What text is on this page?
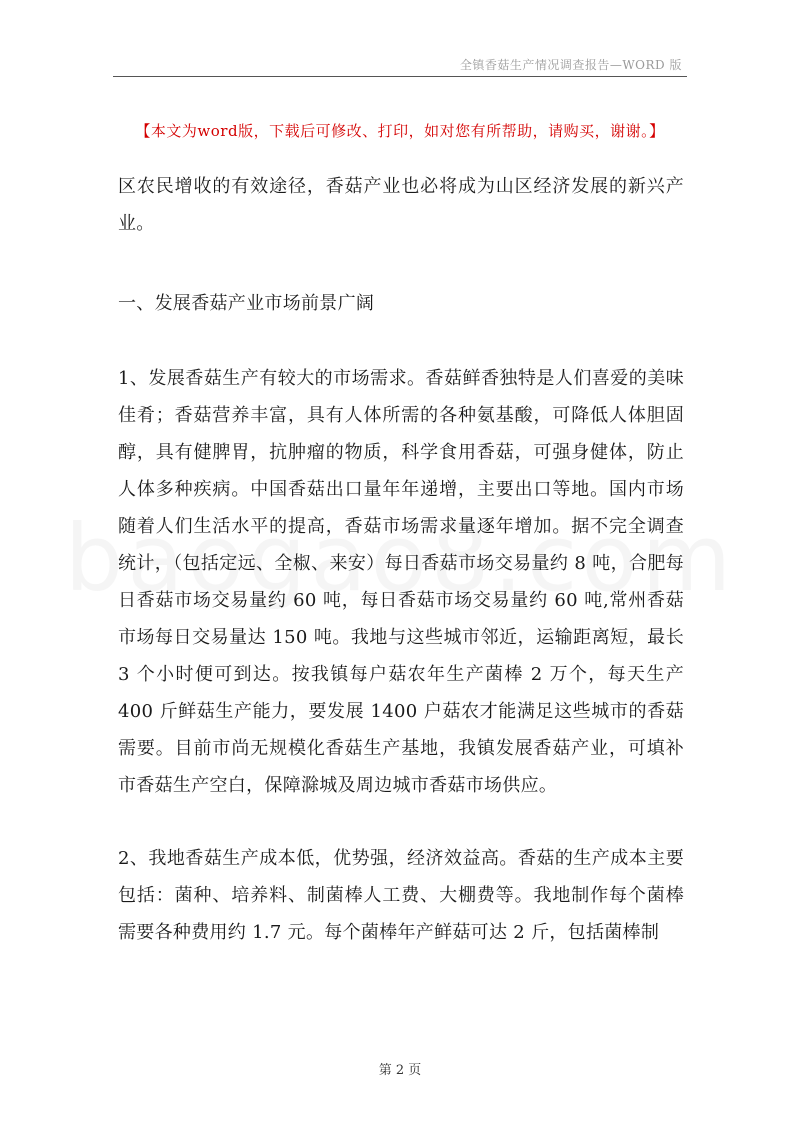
全镇香菇生产情况调查报告—WORD 版
【本文为word版，下载后可修改、打印，如对您有所帮助，请购买，谢谢。】

区农民增收的有效途径，香菇产业也必将成为山区经济发展的新兴产业。

一、发展香菇产业市场前景广阔

1、发展香菇生产有较大的市场需求。香菇鲜香独特是人们喜爱的美味佳肴；香菇营养丰富，具有人体所需的各种氨基酸，可降低人体胆固醇，具有健脾胃，抗肿瘤的物质，科学食用香菇，可强身健体，防止人体多种疾病。中国香菇出口量年年递增，主要出口等地。国内市场随着人们生活水平的提高，香菇市场需求量逐年增加。据不完全调查统计，（包括定远、全椒、来安）每日香菇市场交易量约 8 吨，合肥每日香菇市场交易量约 60 吨，每日香菇市场交易量约 60 吨,常州香菇市场每日交易量达 150 吨。我地与这些城市邻近，运输距离短，最长 3 个小时便可到达。按我镇每户菇农年生产菌棒 2 万个，每天生产 400 斤鲜菇生产能力，要发展 1400 户菇农才能满足这些城市的香菇需要。目前市尚无规模化香菇生产基地，我镇发展香菇产业，可填补市香菇生产空白，保障滁城及周边城市香菇市场供应。

2、我地香菇生产成本低，优势强，经济效益高。香菇的生产成本主要包括：菌种、培养料、制菌棒人工费、大棚费等。我地制作每个菌棒需要各种费用约 1.7 元。每个菌棒年产鲜菇可达 2 斤，包括菌棒制

第 2 页
